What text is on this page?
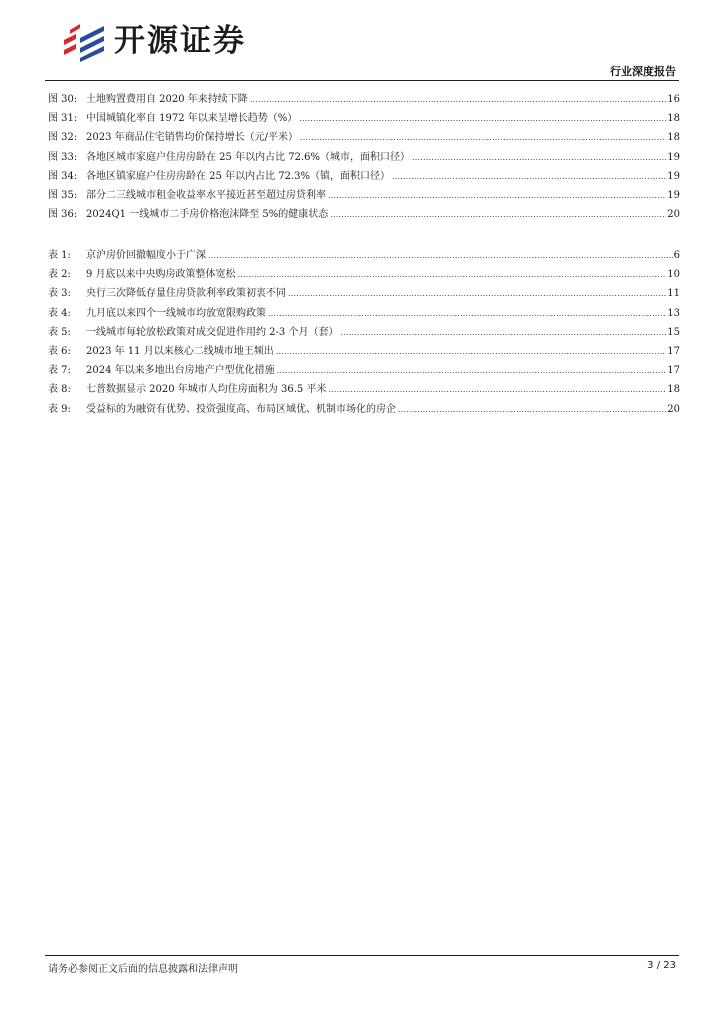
开源证券
行业深度报告
图 30: 土地购置费用自 2020 年来持续下降 .....	16
图 31: 中国城镇化率自 1972 年以来呈增长趋势（%） .....	18
图 32: 2023 年商品住宅销售均价保持增长（元/平米） .....	18
图 33: 各地区城市家庭户住房房龄在 25 年以内占比 72.6%（城市，面积口径） .....	19
图 34: 各地区镇家庭户住房房龄在 25 年以内占比 72.3%（镇，面积口径） .....	19
图 35: 部分二三线城市租金收益率水平接近甚至超过房贷利率 .....	19
图 36: 2024Q1 一线城市二手房价格泡沫降至 5%的健康状态 .....	20
表 1:	京沪房价回撤幅度小于广深 .....	6
表 2:	9 月底以来中央购房政策整体宽松 .....	10
表 3:	央行三次降低存量住房贷款利率政策初衷不同 .....	11
表 4:	九月底以来四个一线城市均放宽限购政策 .....	13
表 5:	一线城市每轮放松政策对成交促进作用约 2-3 个月（套） .....	15
表 6:	2023 年 11 月以来核心二线城市地王频出 .....	17
表 7:	2024 年以来多地出台房地产户型优化措施 .....	17
表 8:	七普数据显示 2020 年城市人均住房面积为 36.5 平米 .....	18
表 9:	受益标的为融资有优势、投资强度高、布局区域优、机制市场化的房企 .....	20
请务必参阅正文后面的信息披露和法律声明	3 / 23
